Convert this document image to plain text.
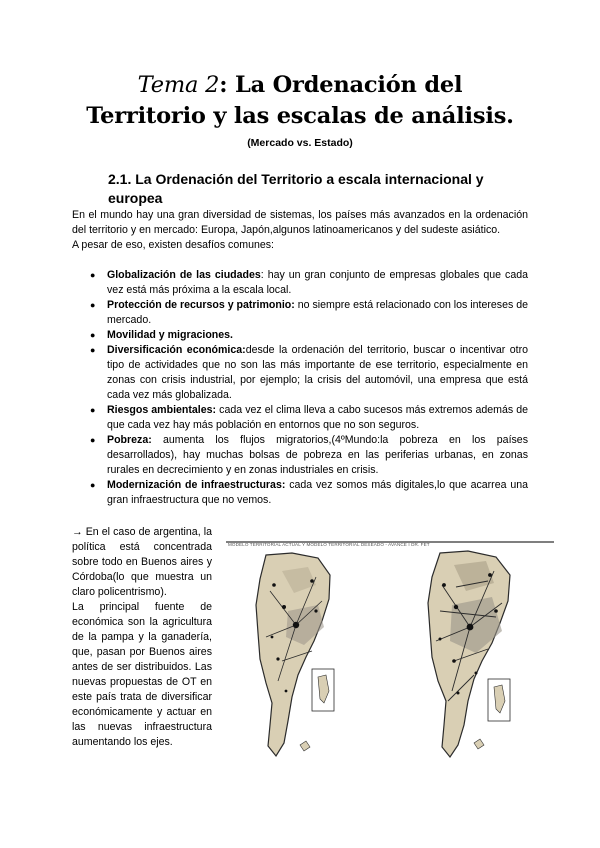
Tema 2: La Ordenación del
Territorio y las escalas de análisis.
(Mercado vs. Estado)
2.1. La Ordenación del Territorio a escala internacional y europea

En el mundo hay una gran diversidad de sistemas, los países más avanzados en la ordenación del territorio y en mercado: Europa, Japón,algunos latinoamericanos y del sudeste asiático.

A pesar de eso, existen desafíos comunes:

● Globalización de las ciudades: hay un gran conjunto de empresas globales que cada vez está más próxima a la escala local.
● Protección de recursos y patrimonio: no siempre está relacionado con los intereses de mercado.
● Movilidad y migraciones.
● Diversificación económica:desde la ordenación del territorio, buscar o incentivar otro tipo de actividades que no son las más importante de ese territorio, especialmente en zonas con crisis industrial, por ejemplo; la crisis del automóvil, una empresa que está cada vez más globalizada.
● Riesgos ambientales: cada vez el clima lleva a cabo sucesos más extremos además de que cada vez hay más población en entornos que no son seguros.
● Pobreza: aumenta los flujos migratorios,(4ºMundo:la pobreza en los países desarrollados), hay muchas bolsas de pobreza en las periferias urbanas, en zonas rurales en decrecimiento y en zonas industriales en crisis.
● Modernización de infraestructuras: cada vez somos más digitales,lo que acarrea una gran infraestructura que no vemos.

→ En el caso de argentina, la política está concentrada sobre todo en Buenos aires y Córdoba(lo que muestra un claro policentrismo).

La principal fuente de económica son la agricultura de la pampa y la ganadería, que, pasan por Buenos aires antes de ser distribuidos. Las nuevas propuestas de OT en este país trata de diversificar económicamente y actuar en las nuevas infraestructura aumentando los ejes.

MODELO TERRITORIAL ACTUAL Y MODELO TERRITORIAL DESEADO - AVANCE I DR. FET
